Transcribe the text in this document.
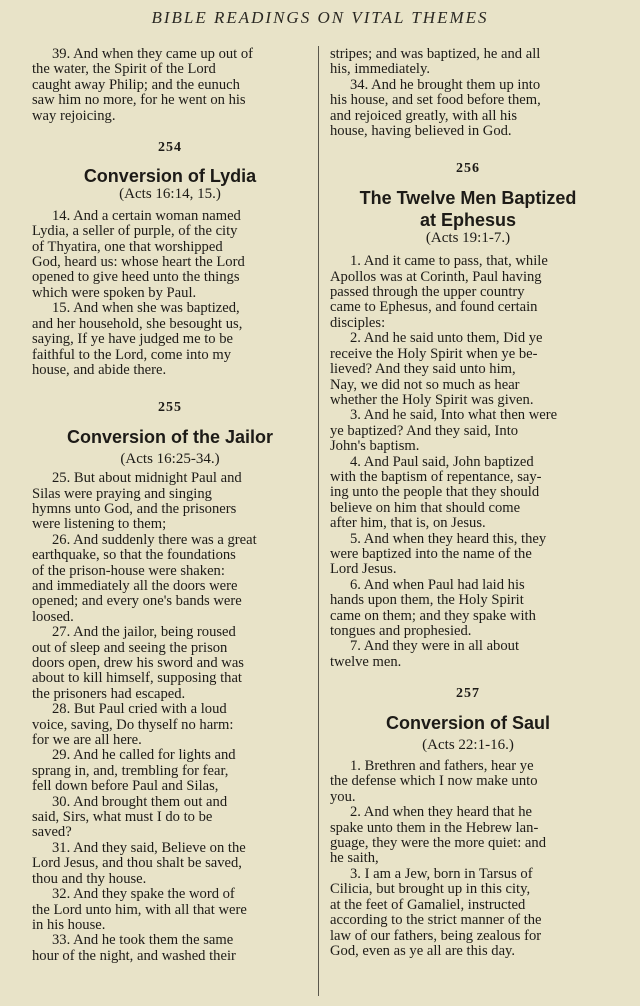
BIBLE READINGS ON VITAL THEMES

39. And when they came up out of

the water, the Spirit of the Lord

caught away Philip; and the eunuch

saw him no more, for he went on his

way rejoicing.

254

Conversion of Lydia

(Acts 16:14, 15.)

14. And a certain woman named

Lydia, a seller of purple, of the city

of Thyatira, one that worshipped

God, heard us: whose heart the Lord

opened to give heed unto the things

which were spoken by Paul.

15. And when she was baptized,

and her household, she besought us,

saying, If ye have judged me to be

faithful to the Lord, come into my

house, and abide there.

255

Conversion of the Jailor

(Acts 16:25-34.)

25. But about midnight Paul and

Silas were praying and singing

hymns unto God, and the prisoners

were listening to them;

26. And suddenly there was a great

earthquake, so that the foundations

of the prison-house were shaken:

and immediately all the doors were

opened; and every one's bands were

loosed.

27. And the jailor, being roused

out of sleep and seeing the prison

doors open, drew his sword and was

about to kill himself, supposing that

the prisoners had escaped.

28. But Paul cried with a loud

voice, saving, Do thyself no harm:

for we are all here.

29. And he called for lights and

sprang in, and, trembling for fear,

fell down before Paul and Silas,

30. And brought them out and

said, Sirs, what must I do to be

saved?

31. And they said, Believe on the

Lord Jesus, and thou shalt be saved,

thou and thy house.

32. And they spake the word of

the Lord unto him, with all that were

in his house.

33. And he took them the same

hour of the night, and washed their

stripes; and was baptized, he and all

his, immediately.

34. And he brought them up into

his house, and set food before them,

and rejoiced greatly, with all his

house, having believed in God.

256

The Twelve Men Baptized

at Ephesus

(Acts 19:1-7.)

1. And it came to pass, that, while

Apollos was at Corinth, Paul having

passed through the upper country

came to Ephesus, and found certain

disciples:

2. And he said unto them, Did ye

receive the Holy Spirit when ye be-

lieved? And they said unto him,

Nay, we did not so much as hear

whether the Holy Spirit was given.

3. And he said, Into what then were

ye baptized? And they said, Into

John's baptism.

4. And Paul said, John baptized

with the baptism of repentance, say-

ing unto the people that they should

believe on him that should come

after him, that is, on Jesus.

5. And when they heard this, they

were baptized into the name of the

Lord Jesus.

6. And when Paul had laid his

hands upon them, the Holy Spirit

came on them; and they spake with

tongues and prophesied.

7. And they were in all about

twelve men.

257

Conversion of Saul

(Acts 22:1-16.)

1. Brethren and fathers, hear ye

the defense which I now make unto

you.

2. And when they heard that he

spake unto them in the Hebrew lan-

guage, they were the more quiet: and

he saith,

3. I am a Jew, born in Tarsus of

Cilicia, but brought up in this city,

at the feet of Gamaliel, instructed

according to the strict manner of the

law of our fathers, being zealous for

God, even as ye all are this day.
